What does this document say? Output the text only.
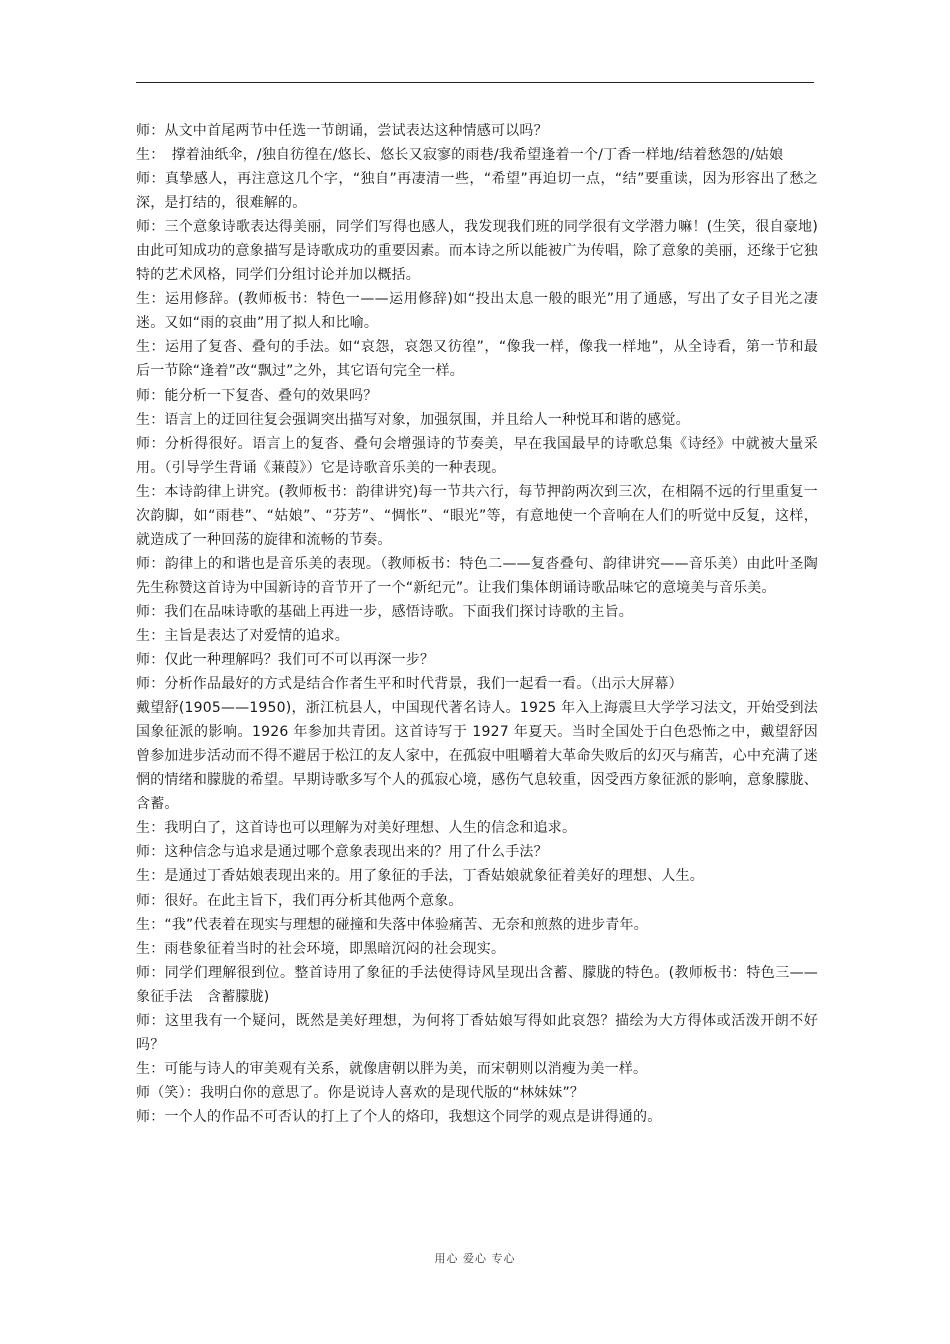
师：从文中首尾两节中任选一节朗诵，尝试表达这种情感可以吗？

生：　撑着油纸伞，/独自彷徨在/悠长、悠长又寂寥的雨巷/我希望逢着一个/丁香一样地/结着愁怨的/姑娘

师：真挚感人，再注意这几个字，“独自”再凄清一些，“希望”再迫切一点，“结”要重读，因为形容出了愁之深，是打结的，很难解的。

师：三个意象诗歌表达得美丽，同学们写得也感人，我发现我们班的同学很有文学潜力嘛！(生笑，很自豪地)由此可知成功的意象描写是诗歌成功的重要因素。而本诗之所以能被广为传唱，除了意象的美丽，还缘于它独特的艺术风格，同学们分组讨论并加以概括。

生：运用修辞。(教师板书：特色一——运用修辞)如“投出太息一般的眼光”用了通感，写出了女子目光之凄迷。又如“雨的哀曲”用了拟人和比喻。

生：运用了复沓、叠句的手法。如“哀怨，哀怨又彷徨”，“像我一样，像我一样地”，从全诗看，第一节和最后一节除“逢着”改“飘过”之外，其它语句完全一样。

师：能分析一下复沓、叠句的效果吗？

生：语言上的迂回往复会强调突出描写对象，加强氛围，并且给人一种悦耳和谐的感觉。

师：分析得很好。语言上的复沓、叠句会增强诗的节奏美，早在我国最早的诗歌总集《诗经》中就被大量采用。（引导学生背诵《蒹葭》）它是诗歌音乐美的一种表现。

生：本诗韵律上讲究。(教师板书：韵律讲究)每一节共六行，每节押韵两次到三次，在相隔不远的行里重复一次韵脚，如“雨巷”、“姑娘”、“芬芳”、“惆怅”、“眼光”等，有意地使一个音响在人们的听觉中反复，这样，就造成了一种回荡的旋律和流畅的节奏。

师：韵律上的和谐也是音乐美的表现。（教师板书：特色二——复沓叠句、韵律讲究——音乐美）由此叶圣陶先生称赞这首诗为中国新诗的音节开了一个“新纪元”。让我们集体朗诵诗歌品味它的意境美与音乐美。

师：我们在品味诗歌的基础上再进一步，感悟诗歌。下面我们探讨诗歌的主旨。

生：主旨是表达了对爱情的追求。

师：仅此一种理解吗？我们可不可以再深一步？

师：分析作品最好的方式是结合作者生平和时代背景，我们一起看一看。（出示大屏幕）

戴望舒(1905——1950)，浙江杭县人，中国现代著名诗人。1925 年入上海震旦大学学习法文，开始受到法国象征派的影响。1926 年参加共青团。这首诗写于 1927 年夏天。当时全国处于白色恐怖之中，戴望舒因曾参加进步活动而不得不避居于松江的友人家中，在孤寂中咀嚼着大革命失败后的幻灭与痛苦，心中充满了迷惘的情绪和朦胧的希望。早期诗歌多写个人的孤寂心境，感伤气息较重，因受西方象征派的影响，意象朦胧、含蓄。

生：我明白了，这首诗也可以理解为对美好理想、人生的信念和追求。

师：这种信念与追求是通过哪个意象表现出来的？用了什么手法？

生：是通过丁香姑娘表现出来的。用了象征的手法，丁香姑娘就象征着美好的理想、人生。

师：很好。在此主旨下，我们再分析其他两个意象。

生：“我”代表着在现实与理想的碰撞和失落中体验痛苦、无奈和煎熬的进步青年。

生：雨巷象征着当时的社会环境，即黑暗沉闷的社会现实。

师：同学们理解很到位。整首诗用了象征的手法使得诗风呈现出含蓄、朦胧的特色。(教师板书：特色三——象征手法　含蓄朦胧)

师：这里我有一个疑问，既然是美好理想，为何将丁香姑娘写得如此哀怨？描绘为大方得体或活泼开朗不好吗？

生：可能与诗人的审美观有关系，就像唐朝以胖为美，而宋朝则以消瘦为美一样。

师（笑）：我明白你的意思了。你是说诗人喜欢的是现代版的“林妹妹”？

师：一个人的作品不可否认的打上了个人的烙印，我想这个同学的观点是讲得通的。

用心 爱心 专心
